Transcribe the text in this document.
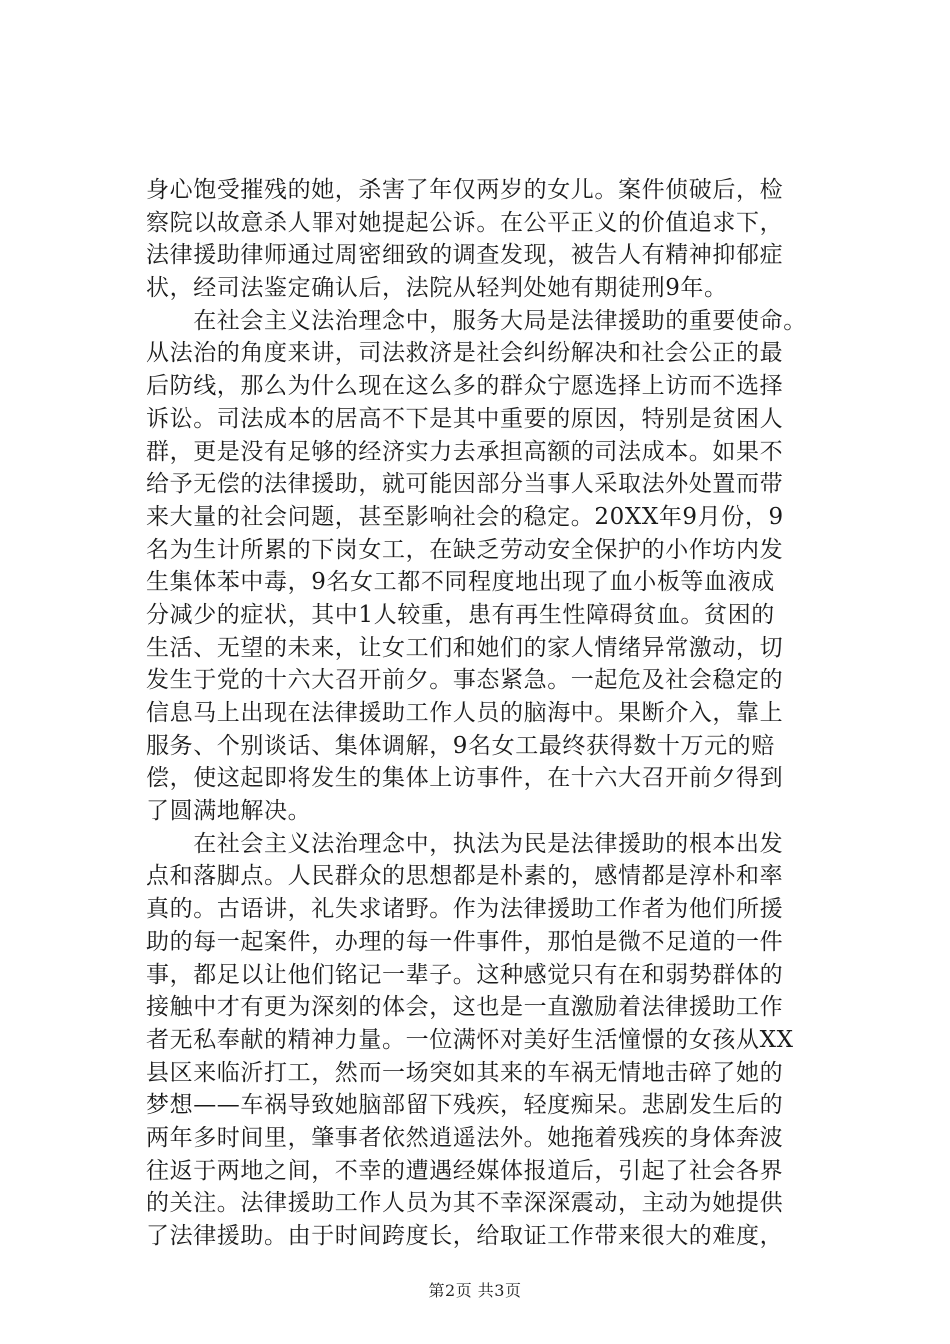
身心饱受摧残的她，杀害了年仅两岁的女儿。案件侦破后，检
察院以故意杀人罪对她提起公诉。在公平正义的价值追求下，
法律援助律师通过周密细致的调查发现，被告人有精神抑郁症
状，经司法鉴定确认后，法院从轻判处她有期徒刑9年。
　　在社会主义法治理念中，服务大局是法律援助的重要使命。
从法治的角度来讲，司法救济是社会纠纷解决和社会公正的最
后防线，那么为什么现在这么多的群众宁愿选择上访而不选择
诉讼。司法成本的居高不下是其中重要的原因，特别是贫困人
群，更是没有足够的经济实力去承担高额的司法成本。如果不
给予无偿的法律援助，就可能因部分当事人采取法外处置而带
来大量的社会问题，甚至影响社会的稳定。20XX年9月份，9
名为生计所累的下岗女工，在缺乏劳动安全保护的小作坊内发
生集体苯中毒，9名女工都不同程度地出现了血小板等血液成
分减少的症状，其中1人较重，患有再生性障碍贫血。贫困的
生活、无望的未来，让女工们和她们的家人情绪异常激动，切
发生于党的十六大召开前夕。事态紧急。一起危及社会稳定的
信息马上出现在法律援助工作人员的脑海中。果断介入，靠上
服务、个别谈话、集体调解，9名女工最终获得数十万元的赔
偿，使这起即将发生的集体上访事件，在十六大召开前夕得到
了圆满地解决。
　　在社会主义法治理念中，执法为民是法律援助的根本出发
点和落脚点。人民群众的思想都是朴素的，感情都是淳朴和率
真的。古语讲，礼失求诸野。作为法律援助工作者为他们所援
助的每一起案件，办理的每一件事件，那怕是微不足道的一件
事，都足以让他们铭记一辈子。这种感觉只有在和弱势群体的
接触中才有更为深刻的体会，这也是一直激励着法律援助工作
者无私奉献的精神力量。一位满怀对美好生活憧憬的女孩从XX
县区来临沂打工，然而一场突如其来的车祸无情地击碎了她的
梦想——车祸导致她脑部留下残疾，轻度痴呆。悲剧发生后的
两年多时间里，肇事者依然逍遥法外。她拖着残疾的身体奔波
往返于两地之间，不幸的遭遇经媒体报道后，引起了社会各界
的关注。法律援助工作人员为其不幸深深震动，主动为她提供
了法律援助。由于时间跨度长，给取证工作带来很大的难度，
第2页 共3页
